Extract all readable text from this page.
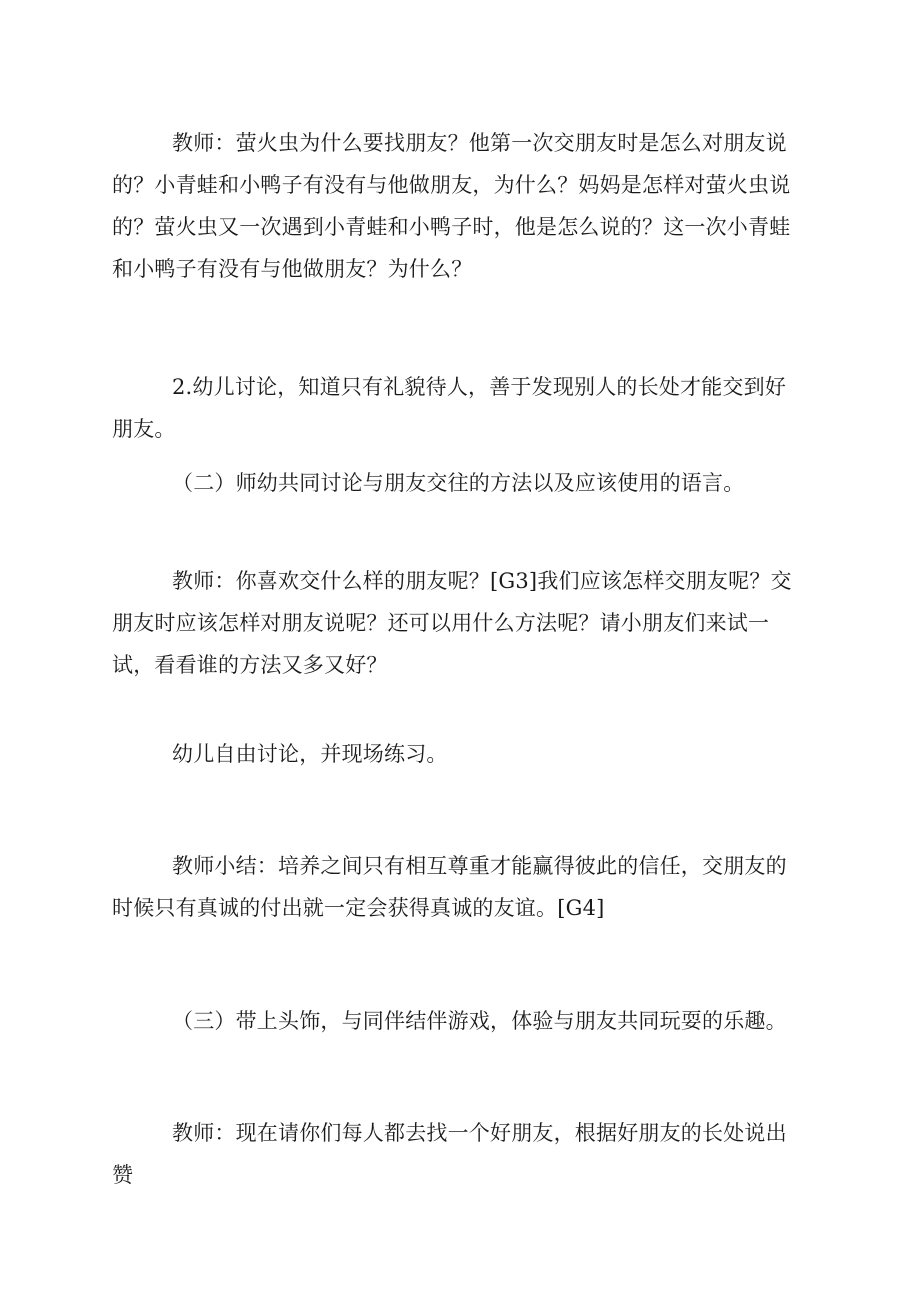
教师：萤火虫为什么要找朋友？他第一次交朋友时是怎么对朋友说的？小青蛙和小鸭子有没有与他做朋友，为什么？妈妈是怎样对萤火虫说的？萤火虫又一次遇到小青蛙和小鸭子时，他是怎么说的？这一次小青蛙和小鸭子有没有与他做朋友？为什么？

2.幼儿讨论，知道只有礼貌待人，善于发现别人的长处才能交到好朋友。

（二）师幼共同讨论与朋友交往的方法以及应该使用的语言。

教师：你喜欢交什么样的朋友呢？[G3]我们应该怎样交朋友呢？交朋友时应该怎样对朋友说呢？还可以用什么方法呢？请小朋友们来试一试，看看谁的方法又多又好？

幼儿自由讨论，并现场练习。

教师小结：培养之间只有相互尊重才能赢得彼此的信任，交朋友的时候只有真诚的付出就一定会获得真诚的友谊。[G4]

（三）带上头饰，与同伴结伴游戏，体验与朋友共同玩耍的乐趣。

教师：现在请你们每人都去找一个好朋友，根据好朋友的长处说出赞
